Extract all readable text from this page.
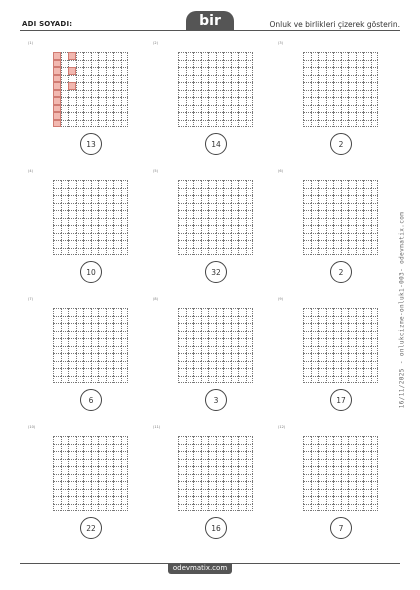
ADI SOYADI:	bir	Onluk ve birlikleri çizerek gösterin.
16/11/2025 - onlukcizme-onluk1-003- odevmatix.com
(1)
13
(2)
14
(3)
2
(4)
10
(5)
32
(6)
2
(7)
6
(8)
3
(9)
17
(10)
22
(11)
16
(12)
7
odevmatix.com
